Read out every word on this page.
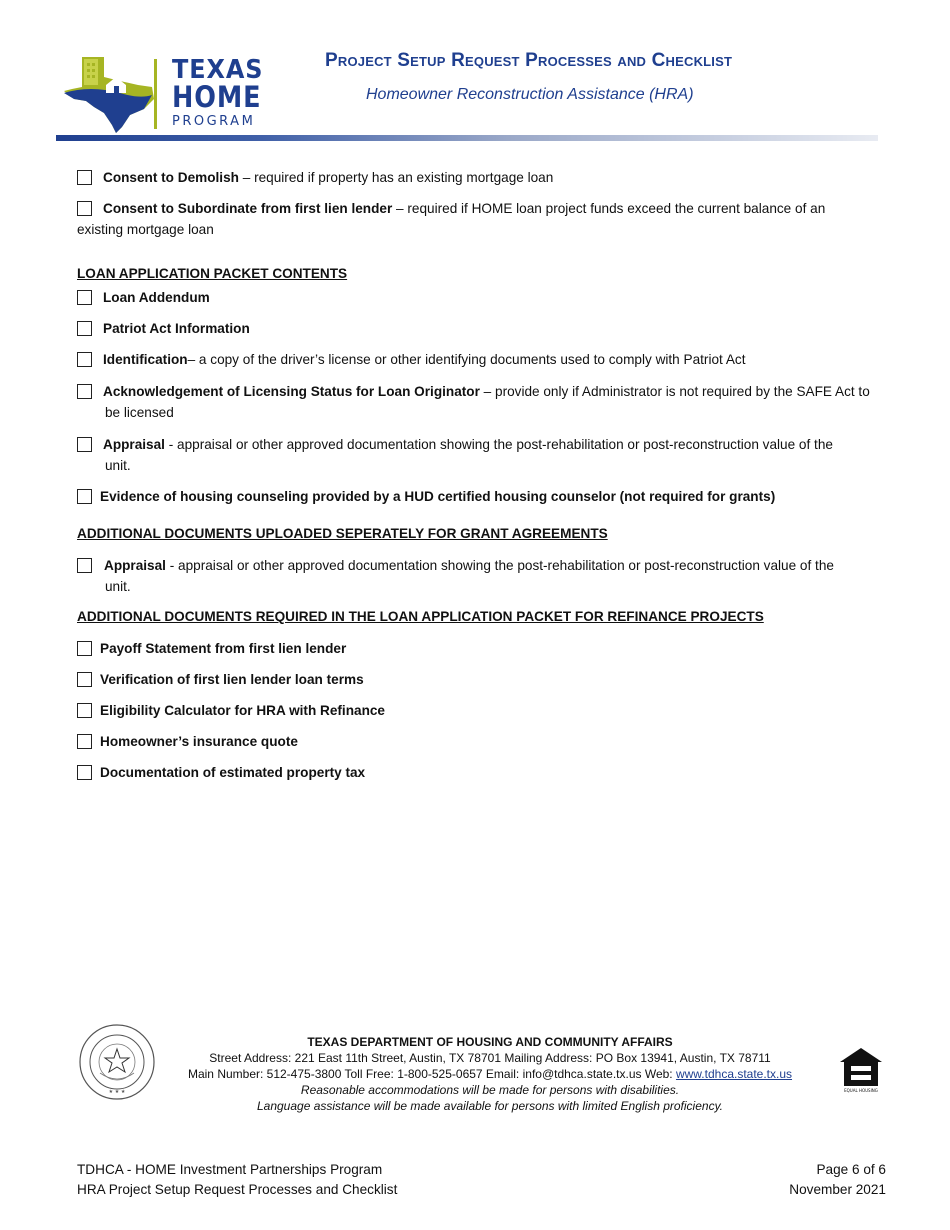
TEXAS
HOME
PROGRAM
Project Setup Request Processes and Checklist
Homeowner Reconstruction Assistance (HRA)
Consent to Demolish – required if property has an existing mortgage loan
Consent to Subordinate from first lien lender – required if HOME loan project funds exceed the current balance of an
existing mortgage loan
LOAN APPLICATION PACKET CONTENTS
Loan Addendum
Patriot Act Information
Identification– a copy of the driver’s license or other identifying documents used to comply with Patriot Act
Acknowledgement of Licensing Status for Loan Originator – provide only if Administrator is not required by the SAFE Act to
be licensed
Appraisal - appraisal or other approved documentation showing the post-rehabilitation or post-reconstruction value of the
unit.
Evidence of housing counseling provided by a HUD certified housing counselor (not required for grants)
ADDITIONAL DOCUMENTS UPLOADED SEPERATELY FOR GRANT AGREEMENTS
Appraisal - appraisal or other approved documentation showing the post-rehabilitation or post-reconstruction value of the
unit.
ADDITIONAL DOCUMENTS REQUIRED IN THE LOAN APPLICATION PACKET FOR REFINANCE PROJECTS
Payoff Statement from first lien lender
Verification of first lien lender loan terms
Eligibility Calculator for HRA with Refinance
Homeowner’s insurance quote
Documentation of estimated property tax
★ ★ ★
TEXAS DEPARTMENT OF HOUSING AND COMMUNITY AFFAIRS
Street Address: 221 East 11th Street, Austin, TX 78701 Mailing Address: PO Box 13941, Austin, TX 78711
Main Number: 512-475-3800 Toll Free: 1-800-525-0657 Email: info@tdhca.state.tx.us Web: www.tdhca.state.tx.us
Reasonable accommodations will be made for persons with disabilities.
Language assistance will be made available for persons with limited English proficiency.
EQUAL HOUSING
TDHCA - HOME Investment Partnerships Program
HRA Project Setup Request Processes and Checklist
Page 6 of 6
November 2021
